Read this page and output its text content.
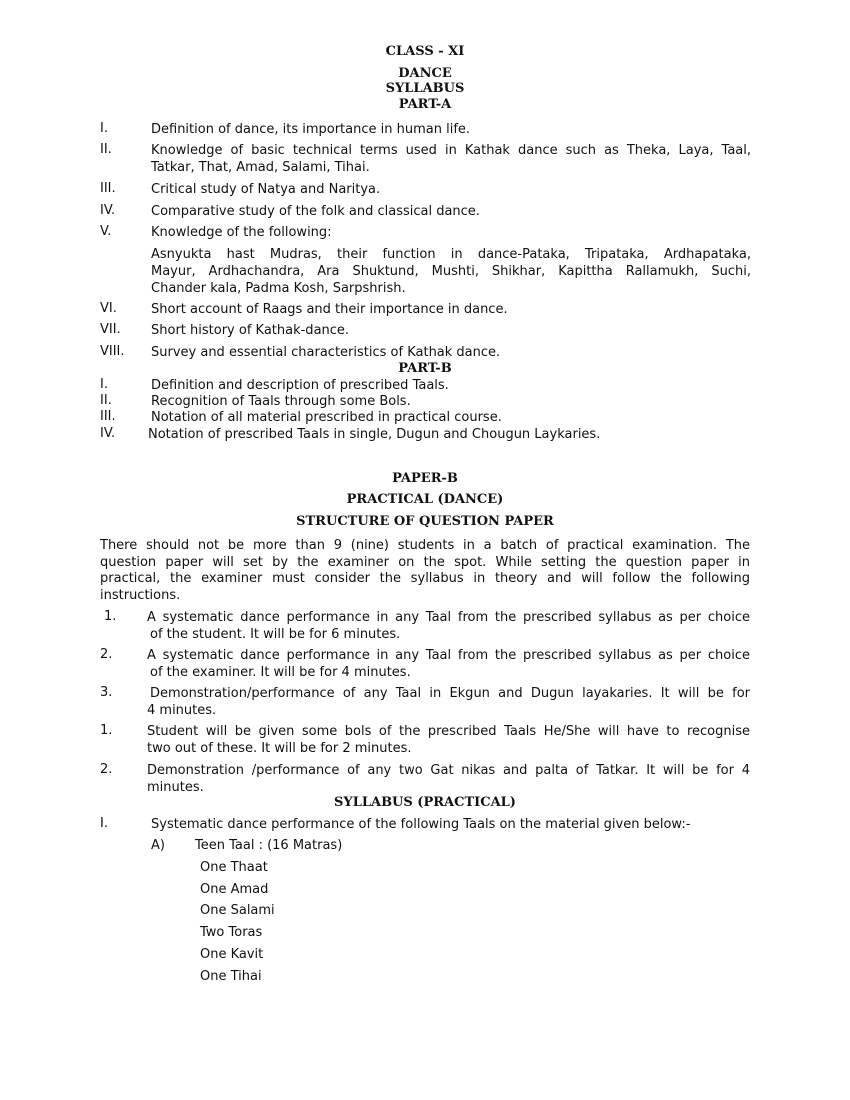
CLASS - XI
DANCE
SYLLABUS
PART-A
I.	Definition of dance, its importance in human life.
II.	Knowledge of basic technical terms used in Kathak dance such as Theka, Laya, Taal,
Tatkar, That, Amad, Salami, Tihai.
III.	Critical study of Natya and Naritya.
IV.	Comparative study of the folk and classical dance.
V.	Knowledge of the following:
Asnyukta hast Mudras, their function in dance-Pataka, Tripataka, Ardhapataka,
Mayur, Ardhachandra, Ara Shuktund, Mushti, Shikhar, Kapittha Rallamukh, Suchi,
Chander kala, Padma Kosh, Sarpshrish.
VI.	Short account of Raags and their importance in dance.
VII. Short history of Kathak-dance.
VIII. Survey and essential characteristics of Kathak dance.
PART-B
I.	Definition and description of prescribed Taals.
II.	Recognition of Taals through some Bols.
III.	Notation of all material prescribed in practical course.
IV.	Notation of prescribed Taals in single, Dugun and Chougun Laykaries.
PAPER-B
PRACTICAL (DANCE)
STRUCTURE OF QUESTION PAPER
There should not be more than 9 (nine) students in a batch of practical examination. The
question paper will set by the examiner on the spot. While setting the question paper in
practical, the examiner must consider the syllabus in theory and will follow the following
instructions.
1. A systematic dance performance in any Taal from the prescribed syllabus as per choice
of the student. It will be for 6 minutes.
2.	A systematic dance performance in any Taal from the prescribed syllabus as per choice
of the examiner. It will be for 4 minutes.
3.	Demonstration/performance of any Taal in Ekgun and Dugun layakaries. It will be for
4 minutes.
1.	Student will be given some bols of the prescribed Taals He/She will have to recognise
two out of these. It will be for 2 minutes.
2.	Demonstration /performance of any two Gat nikas and palta of Tatkar. It will be for 4
minutes.
SYLLABUS (PRACTICAL)
I.	Systematic dance performance of the following Taals on the material given below:-
A) Teen Taal : (16 Matras)
One Thaat
One Amad
One Salami
Two Toras
One Kavit
One Tihai
